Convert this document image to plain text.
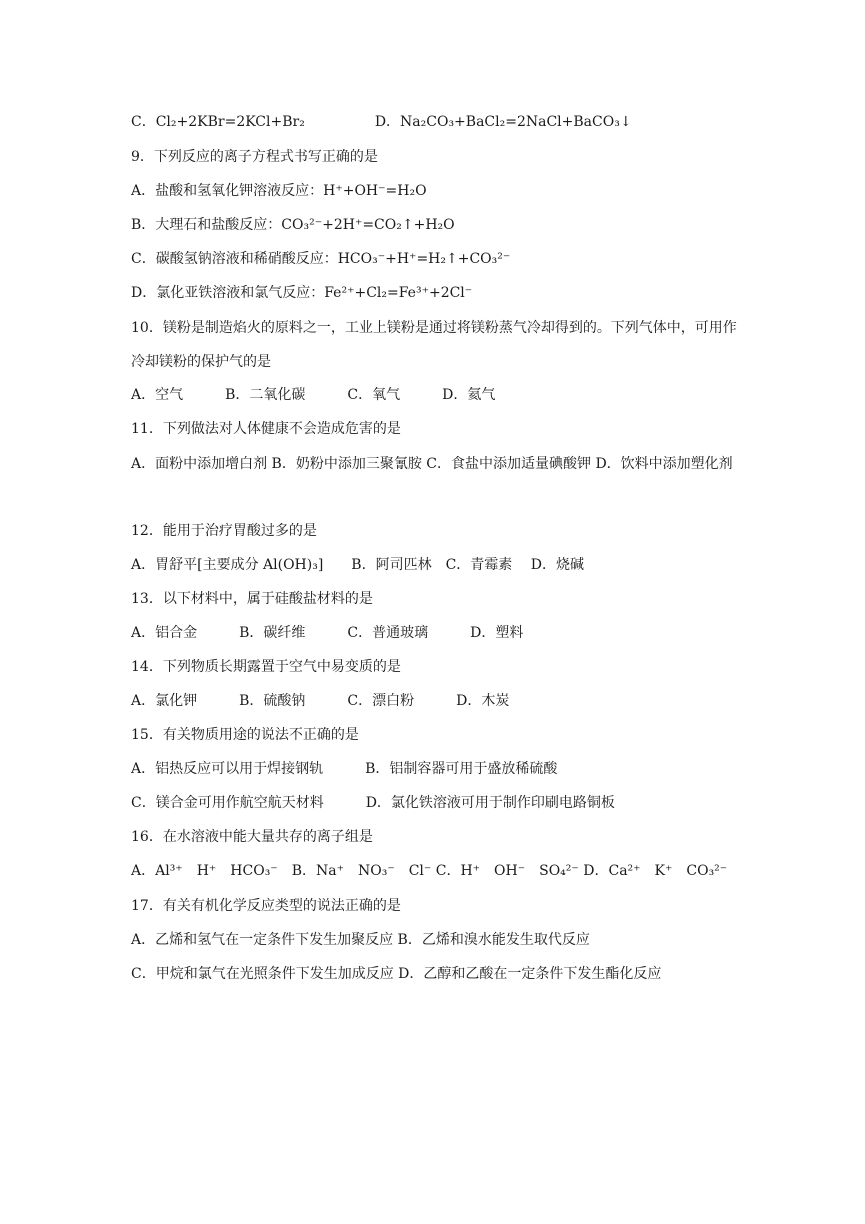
C．Cl₂+2KBr=2KCl+Br₂　　　　　D．Na₂CO₃+BaCl₂=2NaCl+BaCO₃↓
9．下列反应的离子方程式书写正确的是
A．盐酸和氢氧化钾溶液反应：H⁺+OH⁻=H₂O
B．大理石和盐酸反应：CO₃²⁻+2H⁺=CO₂↑+H₂O
C．碳酸氢钠溶液和稀硝酸反应：HCO₃⁻+H⁺=H₂↑+CO₃²⁻
D．氯化亚铁溶液和氯气反应：Fe²⁺+Cl₂=Fe³⁺+2Cl⁻
10．镁粉是制造焰火的原料之一，工业上镁粉是通过将镁粉蒸气冷却得到的。下列气体中，可用作冷却镁粉的保护气的是
A．空气　　　B．二氧化碳　　　C．氧气　　　D．氦气
11．下列做法对人体健康不会造成危害的是
A．面粉中添加增白剂 B．奶粉中添加三聚氰胺 C．食盐中添加适量碘酸钾 D．饮料中添加塑化剂
12．能用于治疗胃酸过多的是
A．胃舒平[主要成分 Al(OH)₃]　　B．阿司匹林　C．青霉素　 D．烧碱
13．以下材料中，属于硅酸盐材料的是
A．铝合金　　　B．碳纤维　　　C．普通玻璃　　　D．塑料
14．下列物质长期露置于空气中易变质的是
A．氯化钾　　　B．硫酸钠　　　C．漂白粉　　　D．木炭
15．有关物质用途的说法不正确的是
A．铝热反应可以用于焊接钢轨　　　B．铝制容器可用于盛放稀硫酸
C．镁合金可用作航空航天材料　　　D．氯化铁溶液可用于制作印刷电路铜板
16．在水溶液中能大量共存的离子组是
A．Al³⁺　H⁺　HCO₃⁻　B．Na⁺　NO₃⁻　Cl⁻ C．H⁺　OH⁻　SO₄²⁻ D．Ca²⁺　K⁺　CO₃²⁻
17．有关有机化学反应类型的说法正确的是
A．乙烯和氢气在一定条件下发生加聚反应 B．乙烯和溴水能发生取代反应
C．甲烷和氯气在光照条件下发生加成反应 D．乙醇和乙酸在一定条件下发生酯化反应
